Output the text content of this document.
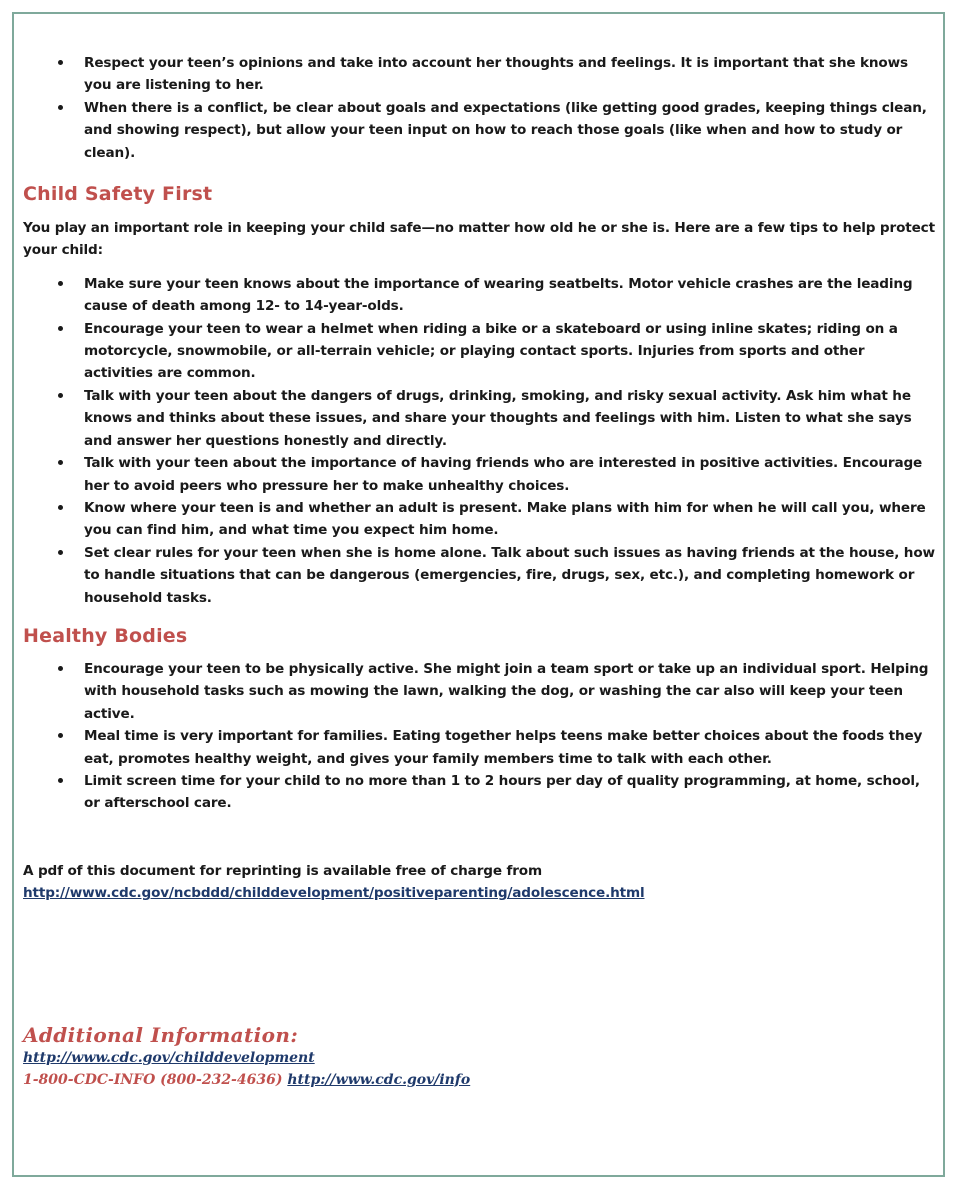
Respect your teen’s opinions and take into account her thoughts and feelings. It is important that she knows you are listening to her.
When there is a conflict, be clear about goals and expectations (like getting good grades, keeping things clean, and showing respect), but allow your teen input on how to reach those goals (like when and how to study or clean).
Child Safety First

You play an important role in keeping your child safe—no matter how old he or she is. Here are a few tips to help protect your child:

Make sure your teen knows about the importance of wearing seatbelts. Motor vehicle crashes are the leading cause of death among 12- to 14-year-olds.
Encourage your teen to wear a helmet when riding a bike or a skateboard or using inline skates; riding on a motorcycle, snowmobile, or all-terrain vehicle; or playing contact sports. Injuries from sports and other activities are common.
Talk with your teen about the dangers of drugs, drinking, smoking, and risky sexual activity. Ask him what he knows and thinks about these issues, and share your thoughts and feelings with him. Listen to what she says and answer her questions honestly and directly.
Talk with your teen about the importance of having friends who are interested in positive activities. Encourage her to avoid peers who pressure her to make unhealthy choices.
Know where your teen is and whether an adult is present. Make plans with him for when he will call you, where you can find him, and what time you expect him home.
Set clear rules for your teen when she is home alone. Talk about such issues as having friends at the house, how to handle situations that can be dangerous (emergencies, fire, drugs, sex, etc.), and completing homework or household tasks.
Healthy Bodies
Encourage your teen to be physically active. She might join a team sport or take up an individual sport. Helping with household tasks such as mowing the lawn, walking the dog, or washing the car also will keep your teen active.
Meal time is very important for families. Eating together helps teens make better choices about the foods they eat, promotes healthy weight, and gives your family members time to talk with each other.
Limit screen time for your child to no more than 1 to 2 hours per day of quality programming, at home, school, or afterschool care.

A pdf of this document for reprinting is available free of charge from

http://www.cdc.gov/ncbddd/childdevelopment/positiveparenting/adolescence.html

Additional Information:
http://www.cdc.gov/childdevelopment
1-800-CDC-INFO (800-232-4636) http://www.cdc.gov/info
